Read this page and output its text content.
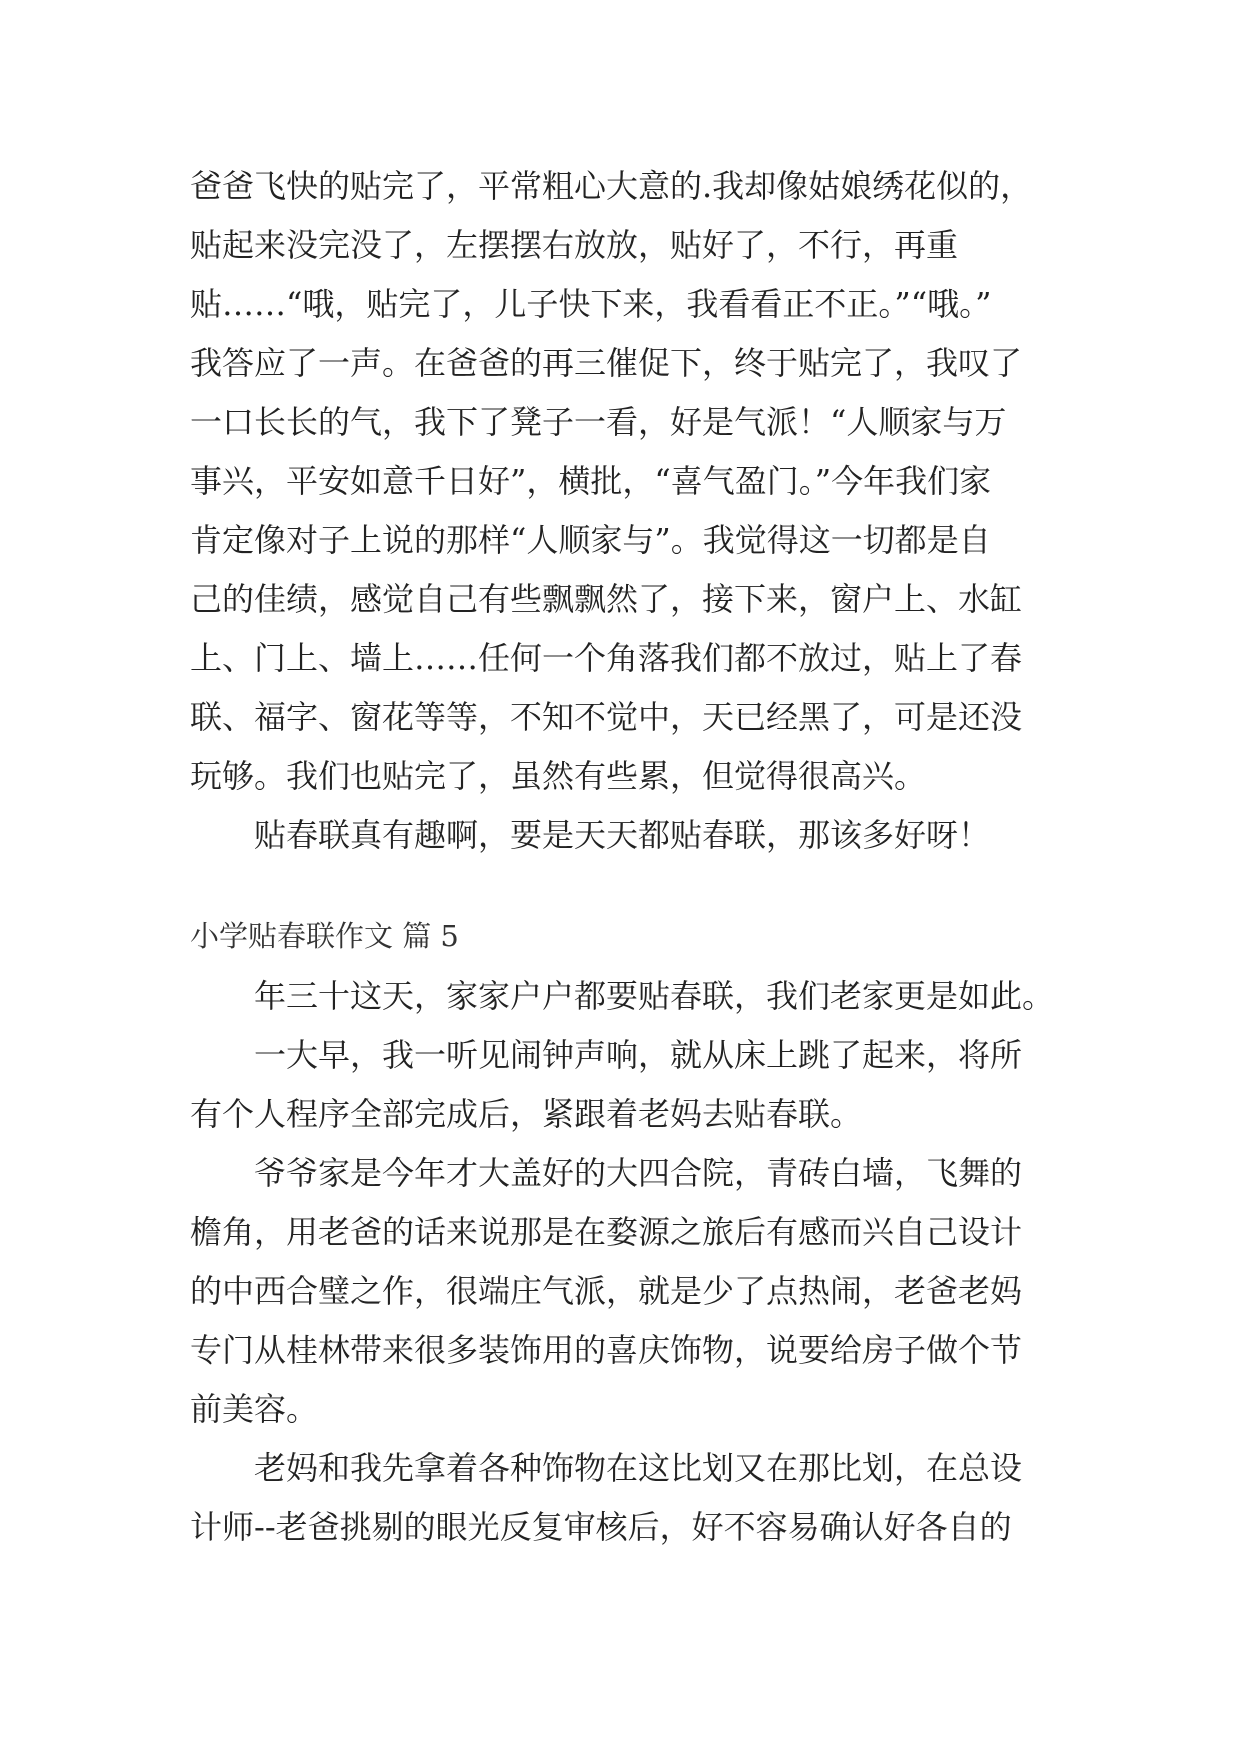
爸爸飞快的贴完了，平常粗心大意的.我却像姑娘绣花似的，
贴起来没完没了，左摆摆右放放，贴好了，不行，再重
贴……“哦，贴完了，儿子快下来，我看看正不正。”“哦。”
我答应了一声。在爸爸的再三催促下，终于贴完了，我叹了
一口长长的气，我下了凳子一看，好是气派！“人顺家与万
事兴，平安如意千日好”，横批，“喜气盈门。”今年我们家
肯定像对子上说的那样“人顺家与”。我觉得这一切都是自
己的佳绩，感觉自己有些飘飘然了，接下来，窗户上、水缸
上、门上、墙上……任何一个角落我们都不放过，贴上了春
联、福字、窗花等等，不知不觉中，天已经黑了，可是还没
玩够。我们也贴完了，虽然有些累，但觉得很高兴。
贴春联真有趣啊，要是天天都贴春联，那该多好呀！
小学贴春联作文 篇 5
年三十这天，家家户户都要贴春联，我们老家更是如此。
一大早，我一听见闹钟声响，就从床上跳了起来，将所
有个人程序全部完成后，紧跟着老妈去贴春联。
爷爷家是今年才大盖好的大四合院，青砖白墙，飞舞的
檐角，用老爸的话来说那是在婺源之旅后有感而兴自己设计
的中西合璧之作，很端庄气派，就是少了点热闹，老爸老妈
专门从桂林带来很多装饰用的喜庆饰物，说要给房子做个节
前美容。
老妈和我先拿着各种饰物在这比划又在那比划，在总设
计师--老爸挑剔的眼光反复审核后，好不容易确认好各自的
